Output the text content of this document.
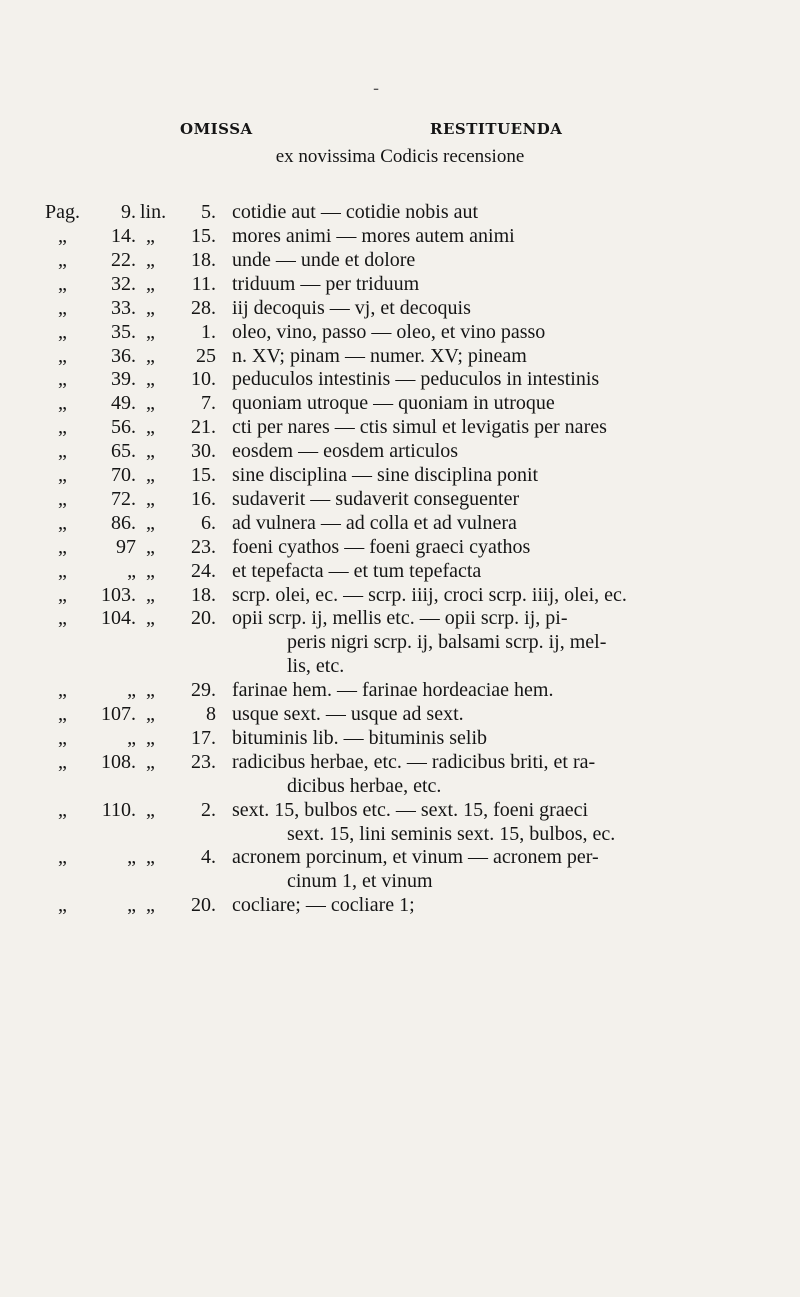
-
OMISSA	RESTITUENDA
ex novissima Codicis recensione
Pag.	9. lin.	5. cotidie aut — cotidie nobis aut
„	14. „	15. mores animi — mores autem animi
„	22. „	18. unde — unde et dolore
„	32. „	11. triduum — per triduum
„	33. „	28. iij decoquis — vj, et decoquis
„	35. „	1. oleo, vino, passo — oleo, et vino passo
„	36. „	25 n. XV; pinam — numer. XV; pineam
„	39. „	10. peduculos intestinis — peduculos in intestinis
„	49. „	7. quoniam utroque — quoniam in utroque
„	56. „	21. cti per nares — ctis simul et levigatis per nares
„	65. „	30. eosdem — eosdem articulos
„	70. „	15. sine disciplina — sine disciplina ponit
„	72. „	16. sudaverit — sudaverit conseguenter
„	86. „	6. ad vulnera — ad colla et ad vulnera
„	97 „	23. foeni cyathos — foeni graeci cyathos
„	„ „	24. et tepefacta — et tum tepefacta
„	103. „	18. scrp. olei, ec. — scrp. iiij, croci scrp. iiij, olei, ec.
„	104. „	20. opii scrp. ij, mellis etc. — opii scrp. ij, pi-
peris nigri scrp. ij, balsami scrp. ij, mel-
lis, etc.
„	„ „	29. farinae hem. — farinae hordeaciae hem.
„	107. „	8 usque sext. — usque ad sext.
„	„ „	17. bituminis lib. — bituminis selib
„	108. „	23. radicibus herbae, etc. — radicibus briti, et ra-
dicibus herbae, etc.
„	110. „	2. sext. 15, bulbos etc. — sext. 15, foeni graeci
sext. 15, lini seminis sext. 15, bulbos, ec.
„	„ „	4. acronem porcinum, et vinum — acronem per-
cinum 1, et vinum
„	„ „	20. cocliare; — cocliare 1;
